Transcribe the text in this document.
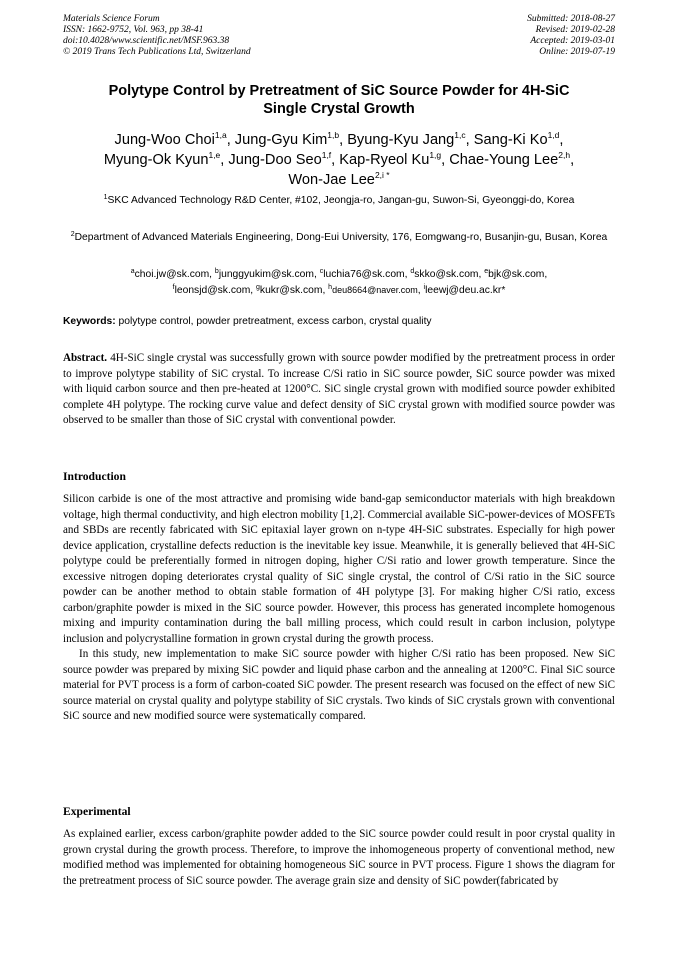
Materials Science Forum
ISSN: 1662-9752, Vol. 963, pp 38-41
doi:10.4028/www.scientific.net/MSF.963.38
© 2019 Trans Tech Publications Ltd, Switzerland
Submitted: 2018-08-27
Revised: 2019-02-28
Accepted: 2019-03-01
Online: 2019-07-19
Polytype Control by Pretreatment of SiC Source Powder for 4H-SiC
Single Crystal Growth
Jung-Woo Choi$^{1,a}$, Jung-Gyu Kim$^{1,b}$, Byung-Kyu Jang$^{1,c}$, Sang-Ki Ko$^{1,d}$,
Myung-Ok Kyun$^{1,e}$, Jung-Doo Seo$^{1,f}$, Kap-Ryeol Ku$^{1,g}$, Chae-Young Lee$^{2,h}$,
Won-Jae Lee$^{2,i *}$
$^1$SKC Advanced Technology R&D Center, #102, Jeongja-ro, Jangan-gu, Suwon-Si, Gyeonggi-do, Korea
$^2$Department of Advanced Materials Engineering, Dong-Eui University, 176, Eomgwang-ro, Busanjin-gu, Busan, Korea
$^a$choi.jw@sk.com, $^b$junggyukim@sk.com, $^c$luchia76@sk.com, $^d$skko@sk.com, $^e$bjk@sk.com,
$^f$leonsjd@sk.com, $^g$kukr@sk.com, $^h$deu8664@naver.com, $^i$leewj@deu.ac.kr*
Keywords: polytype control, powder pretreatment, excess carbon, crystal quality

Abstract. 4H-SiC single crystal was successfully grown with source powder modified by the pretreatment process in order to improve polytype stability of SiC crystal. To increase C/Si ratio in SiC source powder, SiC source powder was mixed with liquid carbon source and then pre-heated at 1200°C. SiC single crystal grown with modified source powder exhibited complete 4H polytype. The rocking curve value and defect density of SiC crystal grown with modified source powder was observed to be smaller than those of SiC crystal with conventional powder.

Introduction

Silicon carbide is one of the most attractive and promising wide band-gap semiconductor materials with high breakdown voltage, high thermal conductivity, and high electron mobility [1,2]. Commercial available SiC-power-devices of MOSFETs and SBDs are recently fabricated with SiC epitaxial layer grown on n-type 4H-SiC substrates. Especially for high power device application, crystalline defects reduction is the inevitable key issue. Meanwhile, it is generally believed that 4H-SiC polytype could be preferentially formed in nitrogen doping, higher C/Si ratio and lower growth temperature. Since the excessive nitrogen doping deteriorates crystal quality of SiC single crystal, the control of C/Si ratio in the SiC source powder can be another method to obtain stable formation of 4H polytype [3]. For making higher C/Si ratio, excess carbon/graphite powder is mixed in the SiC source powder. However, this process has generated incomplete homogenous mixing and impurity contamination during the ball milling process, which could result in carbon inclusion, polytype inclusion and polycrystalline formation in grown crystal during the growth process.

In this study, new implementation to make SiC source powder with higher C/Si ratio has been proposed. New SiC source powder was prepared by mixing SiC powder and liquid phase carbon and the annealing at 1200°C. Final SiC source material for PVT process is a form of carbon-coated SiC powder. The present research was focused on the effect of new SiC source material on crystal quality and polytype stability of SiC crystals. Two kinds of SiC crystals grown with conventional SiC source and new modified source were systematically compared.

Experimental

As explained earlier, excess carbon/graphite powder added to the SiC source powder could result in poor crystal quality in grown crystal during the growth process. Therefore, to improve the inhomogeneous property of conventional method, new modified method was implemented for obtaining homogeneous SiC source in PVT process. Figure 1 shows the diagram for the pretreatment process of SiC source powder. The average grain size and density of SiC powder(fabricated by
